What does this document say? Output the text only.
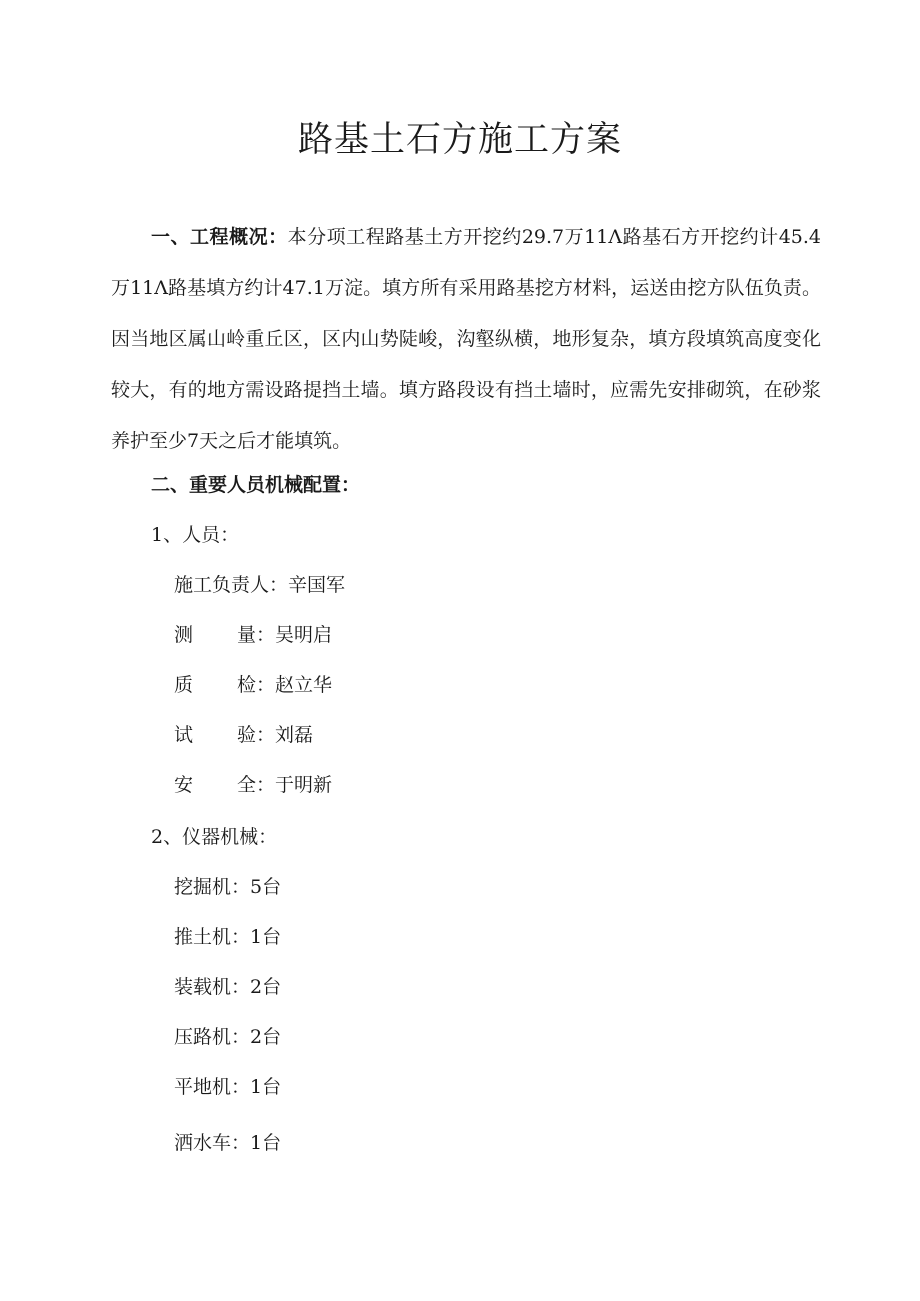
路基土石方施工方案

一、工程概况：本分项工程路基土方开挖约29.7万11Λ路基石方开挖约计45.4万11Λ路基填方约计47.1万淀。填方所有采用路基挖方材料，运送由挖方队伍负责。因当地区属山岭重丘区，区内山势陡峻，沟壑纵横，地形复杂，填方段填筑高度变化较大，有的地方需设路提挡土墙。填方路段设有挡土墙时，应需先安排砌筑，在砂浆养护至少7天之后才能填筑。

二、重要人员机械配置：
1、人员：
施工负责人：辛国军
测 量 ：吴明启
质 检 ：赵立华
试 验 ：刘磊
安 全 ：于明新
2、仪器机械：
挖掘机：5台
推土机：1台
装载机：2台
压路机：2台
平地机：1台
洒水车：1台
